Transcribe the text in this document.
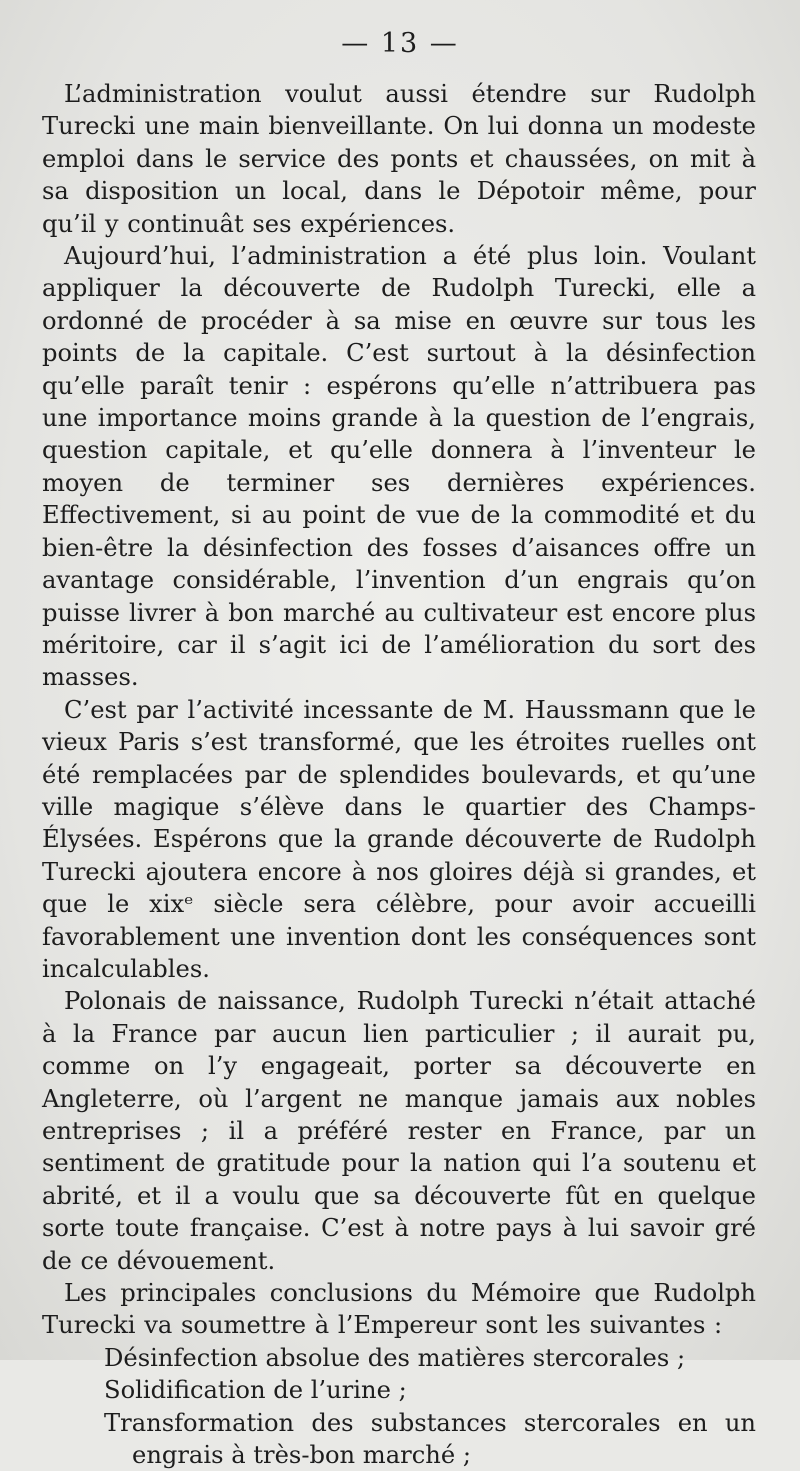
— 13 —

L’administration voulut aussi étendre sur Rudolph Turecki une main bienveillante. On lui donna un modeste emploi dans le service des ponts et chaussées, on mit à sa disposition un local, dans le Dépotoir même, pour qu’il y continuât ses expériences.

Aujourd’hui, l’administration a été plus loin. Voulant appliquer la découverte de Rudolph Turecki, elle a ordonné de procéder à sa mise en œuvre sur tous les points de la capitale. C’est surtout à la désinfection qu’elle paraît tenir : espérons qu’elle n’attribuera pas une importance moins grande à la question de l’engrais, question capitale, et qu’elle donnera à l’inventeur le moyen de terminer ses dernières expériences. Effectivement, si au point de vue de la commodité et du bien-être la désinfection des fosses d’aisances offre un avantage considérable, l’invention d’un engrais qu’on puisse livrer à bon marché au cultivateur est encore plus méritoire, car il s’agit ici de l’amélioration du sort des masses.

C’est par l’activité incessante de M. Haussmann que le vieux Paris s’est transformé, que les étroites ruelles ont été remplacées par de splendides boulevards, et qu’une ville magique s’élève dans le quartier des Champs-Élysées. Espérons que la grande découverte de Rudolph Turecki ajoutera encore à nos gloires déjà si grandes, et que le xixᵉ siècle sera célèbre, pour avoir accueilli favorablement une invention dont les conséquences sont incalculables.

Polonais de naissance, Rudolph Turecki n’était attaché à la France par aucun lien particulier ; il aurait pu, comme on l’y engageait, porter sa découverte en Angleterre, où l’argent ne manque jamais aux nobles entreprises ; il a préféré rester en France, par un sentiment de gratitude pour la nation qui l’a soutenu et abrité, et il a voulu que sa découverte fût en quelque sorte toute française. C’est à notre pays à lui savoir gré de ce dévouement.

Les principales conclusions du Mémoire que Rudolph Turecki va soumettre à l’Empereur sont les suivantes :

Désinfection absolue des matières stercorales ;
Solidification de l’urine ;
Transformation des substances stercorales en un engrais à très-bon marché ;
